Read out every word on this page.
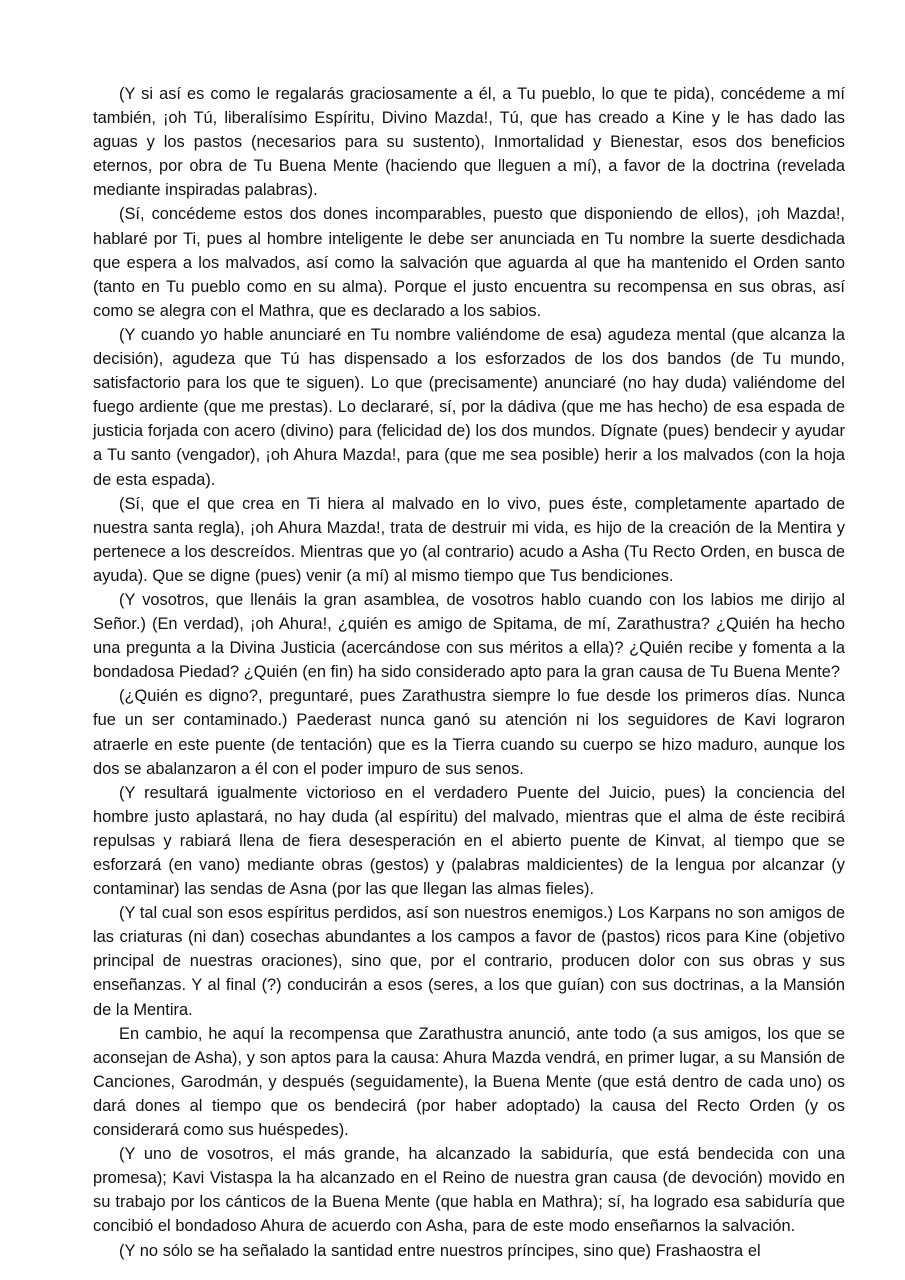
(Y si así es como le regalarás graciosamente a él, a Tu pueblo, lo que te pida), concédeme a mí también, ¡oh Tú, liberalísimo Espíritu, Divino Mazda!, Tú, que has creado a Kine y le has dado las aguas y los pastos (necesarios para su sustento), Inmortalidad y Bienestar, esos dos beneficios eternos, por obra de Tu Buena Mente (haciendo que lleguen a mí), a favor de la doctrina (revelada mediante inspiradas palabras).

(Sí, concédeme estos dos dones incomparables, puesto que disponiendo de ellos), ¡oh Mazda!, hablaré por Ti, pues al hombre inteligente le debe ser anunciada en Tu nombre la suerte desdichada que espera a los malvados, así como la salvación que aguarda al que ha mantenido el Orden santo (tanto en Tu pueblo como en su alma). Porque el justo encuentra su recompensa en sus obras, así como se alegra con el Mathra, que es declarado a los sabios.

(Y cuando yo hable anunciaré en Tu nombre valiéndome de esa) agudeza mental (que alcanza la decisión), agudeza que Tú has dispensado a los esforzados de los dos bandos (de Tu mundo, satisfactorio para los que te siguen). Lo que (precisamente) anunciaré (no hay duda) valiéndome del fuego ardiente (que me prestas). Lo declararé, sí, por la dádiva (que me has hecho) de esa espada de justicia forjada con acero (divino) para (felicidad de) los dos mundos. Dígnate (pues) bendecir y ayudar a Tu santo (vengador), ¡oh Ahura Mazda!, para (que me sea posible) herir a los malvados (con la hoja de esta espada).

(Sí, que el que crea en Ti hiera al malvado en lo vivo, pues éste, completamente apartado de nuestra santa regla), ¡oh Ahura Mazda!, trata de destruir mi vida, es hijo de la creación de la Mentira y pertenece a los descreídos. Mientras que yo (al contrario) acudo a Asha (Tu Recto Orden, en busca de ayuda). Que se digne (pues) venir (a mí) al mismo tiempo que Tus bendiciones.

(Y vosotros, que llenáis la gran asamblea, de vosotros hablo cuando con los labios me dirijo al Señor.) (En verdad), ¡oh Ahura!, ¿quién es amigo de Spitama, de mí, Zarathustra? ¿Quién ha hecho una pregunta a la Divina Justicia (acercándose con sus méritos a ella)? ¿Quién recibe y fomenta a la bondadosa Piedad? ¿Quién (en fin) ha sido considerado apto para la gran causa de Tu Buena Mente?

(¿Quién es digno?, preguntaré, pues Zarathustra siempre lo fue desde los primeros días. Nunca fue un ser contaminado.) Paederast nunca ganó su atención ni los seguidores de Kavi lograron atraerle en este puente (de tentación) que es la Tierra cuando su cuerpo se hizo maduro, aunque los dos se abalanzaron a él con el poder impuro de sus senos.

(Y resultará igualmente victorioso en el verdadero Puente del Juicio, pues) la conciencia del hombre justo aplastará, no hay duda (al espíritu) del malvado, mientras que el alma de éste recibirá repulsas y rabiará llena de fiera desesperación en el abierto puente de Kinvat, al tiempo que se esforzará (en vano) mediante obras (gestos) y (palabras maldicientes) de la lengua por alcanzar (y contaminar) las sendas de Asna (por las que llegan las almas fieles).

(Y tal cual son esos espíritus perdidos, así son nuestros enemigos.) Los Karpans no son amigos de las criaturas (ni dan) cosechas abundantes a los campos a favor de (pastos) ricos para Kine (objetivo principal de nuestras oraciones), sino que, por el contrario, producen dolor con sus obras y sus enseñanzas. Y al final (?) conducirán a esos (seres, a los que guían) con sus doctrinas, a la Mansión de la Mentira.

En cambio, he aquí la recompensa que Zarathustra anunció, ante todo (a sus amigos, los que se aconsejan de Asha), y son aptos para la causa: Ahura Mazda vendrá, en primer lugar, a su Mansión de Canciones, Garodmán, y después (seguidamente), la Buena Mente (que está dentro de cada uno) os dará dones al tiempo que os bendecirá (por haber adoptado) la causa del Recto Orden (y os considerará como sus huéspedes).

(Y uno de vosotros, el más grande, ha alcanzado la sabiduría, que está bendecida con una promesa); Kavi Vistaspa la ha alcanzado en el Reino de nuestra gran causa (de devoción) movido en su trabajo por los cánticos de la Buena Mente (que habla en Mathra); sí, ha logrado esa sabiduría que concibió el bondadoso Ahura de acuerdo con Asha, para de este modo enseñarnos la salvación.

(Y no sólo se ha señalado la santidad entre nuestros príncipes, sino que) Frashaostra el
